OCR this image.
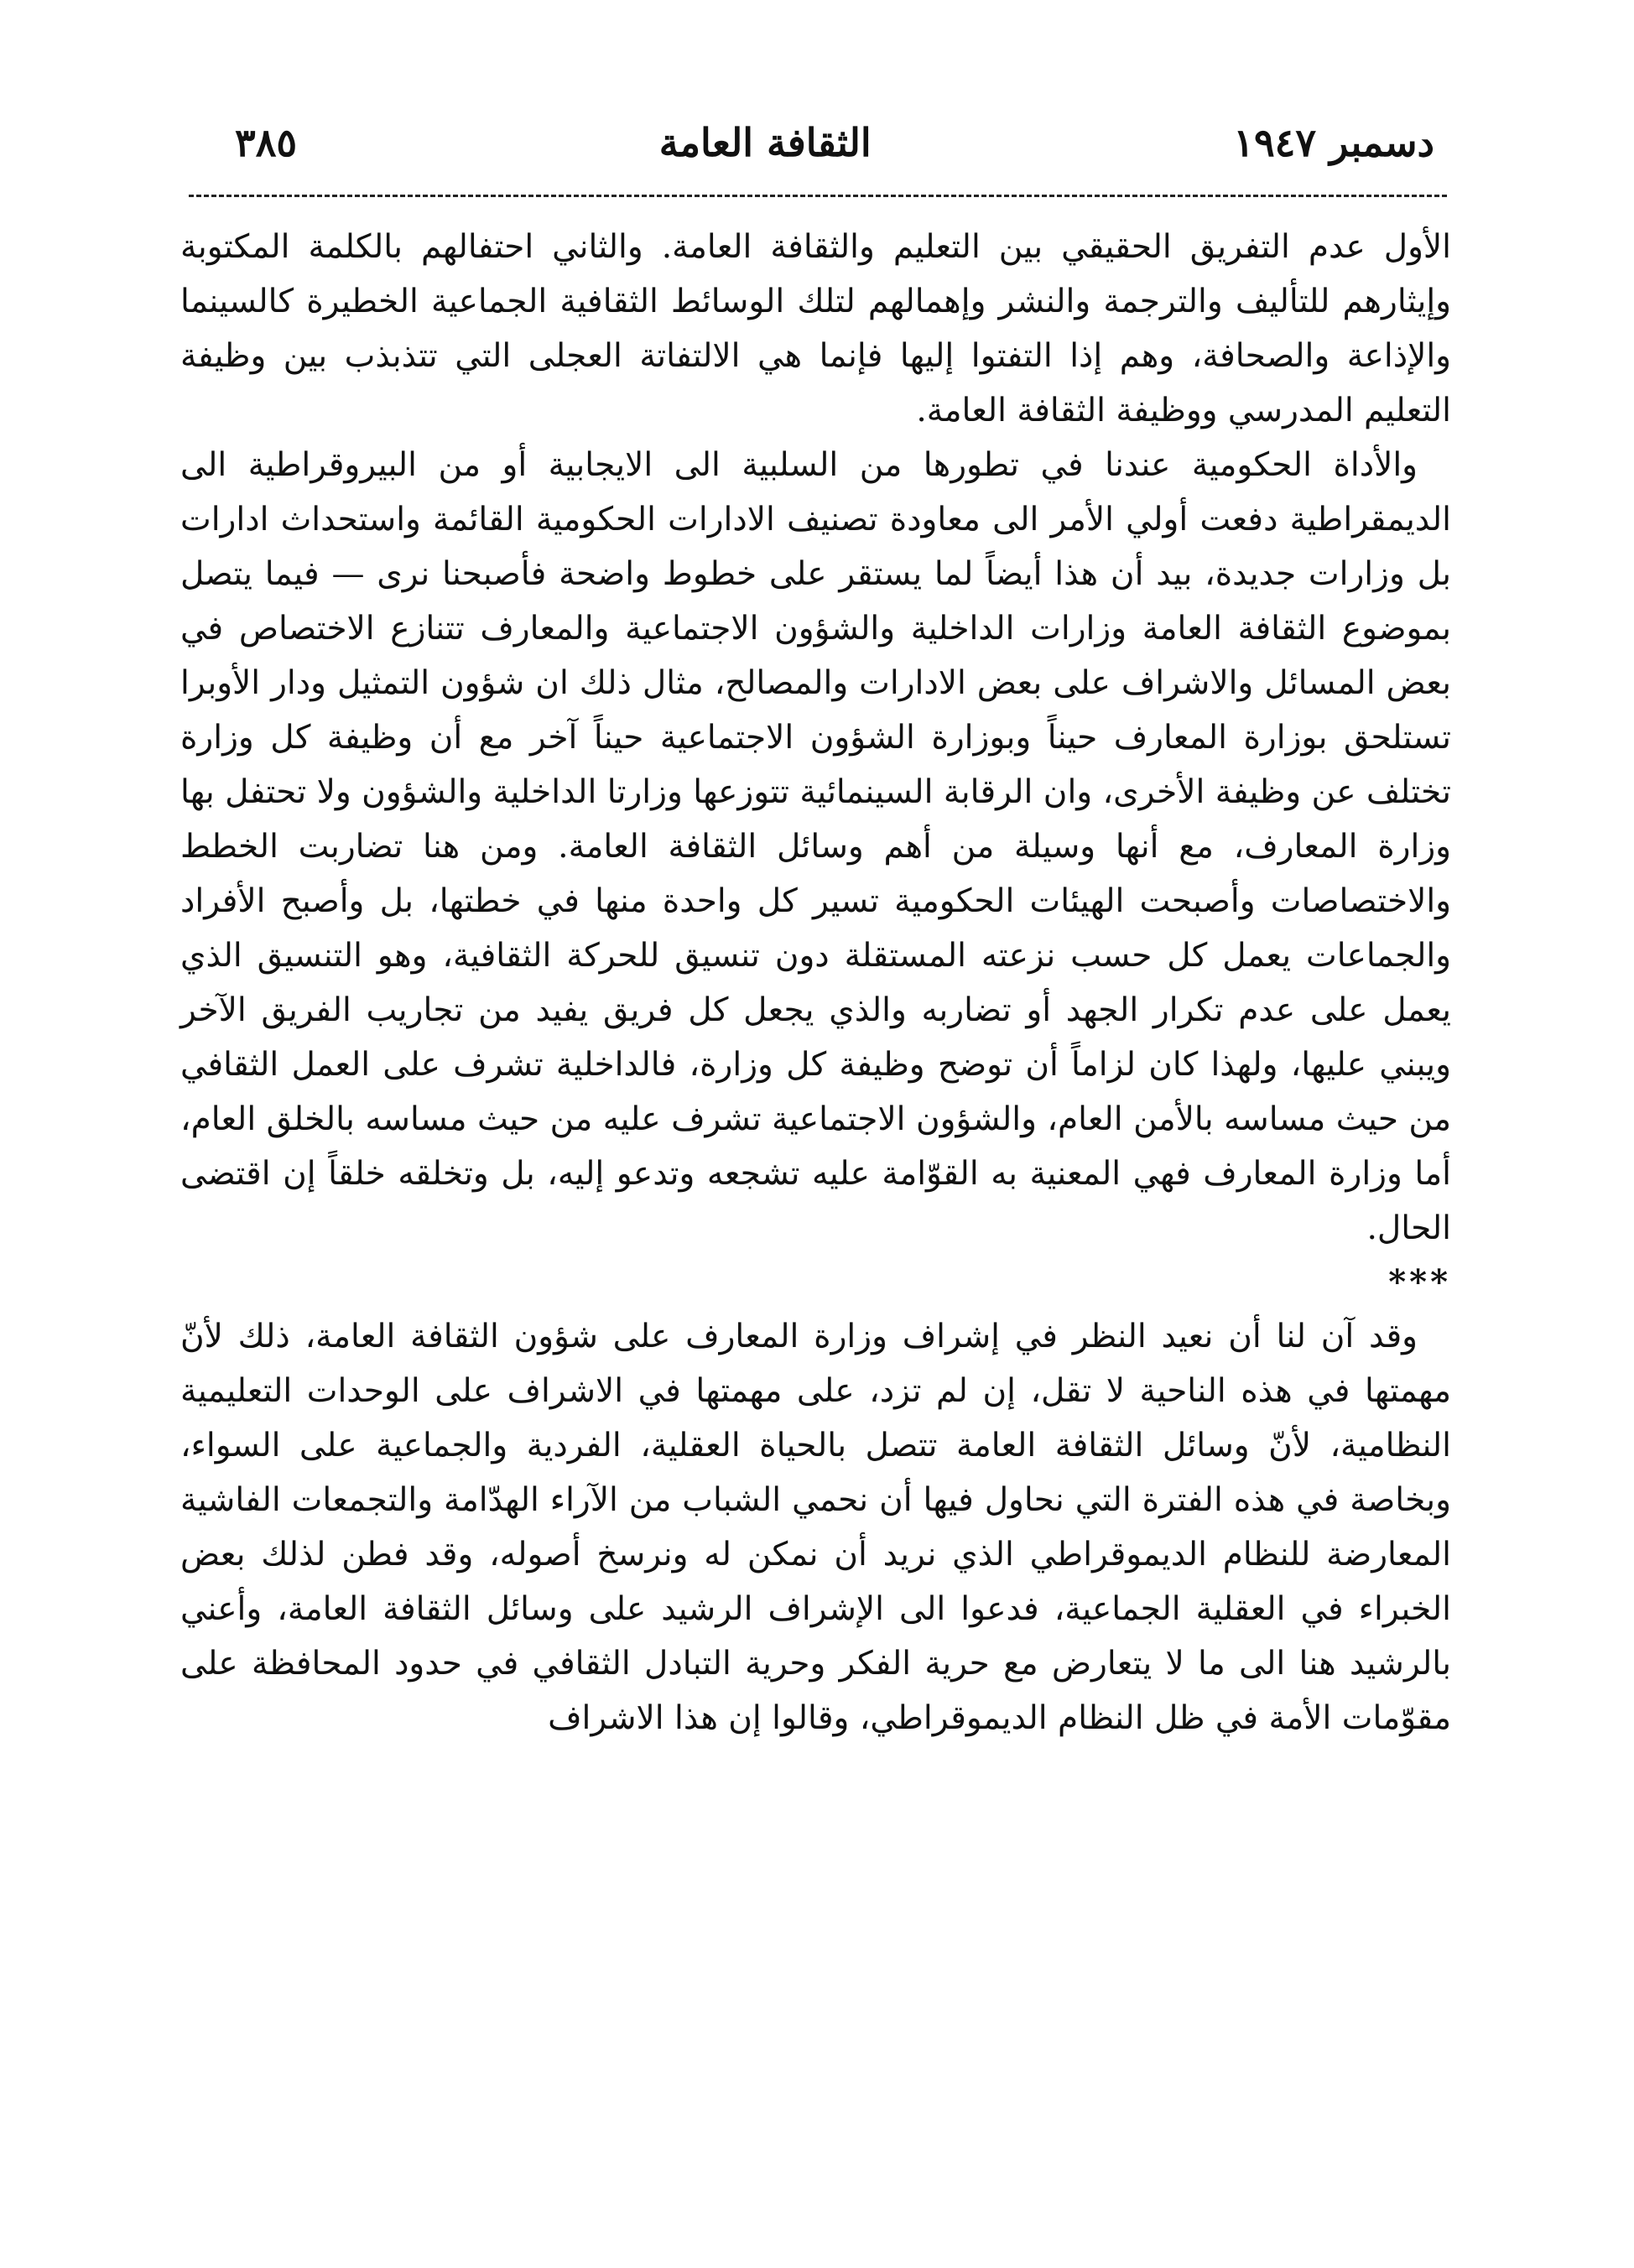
دسمبر ١٩٤٧
الثقافة العامة
٣٨٥

الأول عدم التفريق الحقيقي بين التعليم والثقافة العامة. والثاني احتفالهم بالكلمة المكتوبة وإيثارهم للتأليف والترجمة والنشر وإهمالهم لتلك الوسائط الثقافية الجماعية الخطيرة كالسينما والإذاعة والصحافة، وهم إذا التفتوا إليها فإنما هي الالتفاتة العجلى التي تتذبذب بين وظيفة التعليم المدرسي ووظيفة الثقافة العامة.

والأداة الحكومية عندنا في تطورها من السلبية الى الايجابية أو من البيروقراطية الى الديمقراطية دفعت أولي الأمر الى معاودة تصنيف الادارات الحكومية القائمة واستحداث ادارات بل وزارات جديدة، بيد أن هذا أيضاً لما يستقر على خطوط واضحة فأصبحنا نرى — فيما يتصل بموضوع الثقافة العامة وزارات الداخلية والشؤون الاجتماعية والمعارف تتنازع الاختصاص في بعض المسائل والاشراف على بعض الادارات والمصالح، مثال ذلك ان شؤون التمثيل ودار الأوبرا تستلحق بوزارة المعارف حيناً وبوزارة الشؤون الاجتماعية حيناً آخر مع أن وظيفة كل وزارة تختلف عن وظيفة الأخرى، وان الرقابة السينمائية تتوزعها وزارتا الداخلية والشؤون ولا تحتفل بها وزارة المعارف، مع أنها وسيلة من أهم وسائل الثقافة العامة. ومن هنا تضاربت الخطط والاختصاصات وأصبحت الهيئات الحكومية تسير كل واحدة منها في خطتها، بل وأصبح الأفراد والجماعات يعمل كل حسب نزعته المستقلة دون تنسيق للحركة الثقافية، وهو التنسيق الذي يعمل على عدم تكرار الجهد أو تضاربه والذي يجعل كل فريق يفيد من تجاريب الفريق الآخر ويبني عليها، ولهذا كان لزاماً أن توضح وظيفة كل وزارة، فالداخلية تشرف على العمل الثقافي من حيث مساسه بالأمن العام، والشؤون الاجتماعية تشرف عليه من حيث مساسه بالخلق العام، أما وزارة المعارف فهي المعنية به القوّامة عليه تشجعه وتدعو إليه، بل وتخلقه خلقاً إن اقتضى الحال.

***

وقد آن لنا أن نعيد النظر في إشراف وزارة المعارف على شؤون الثقافة العامة، ذلك لأنّ مهمتها في هذه الناحية لا تقل، إن لم تزد، على مهمتها في الاشراف على الوحدات التعليمية النظامية، لأنّ وسائل الثقافة العامة تتصل بالحياة العقلية، الفردية والجماعية على السواء، وبخاصة في هذه الفترة التي نحاول فيها أن نحمي الشباب من الآراء الهدّامة والتجمعات الفاشية المعارضة للنظام الديموقراطي الذي نريد أن نمكن له ونرسخ أصوله، وقد فطن لذلك بعض الخبراء في العقلية الجماعية، فدعوا الى الإشراف الرشيد على وسائل الثقافة العامة، وأعني بالرشيد هنا الى ما لا يتعارض مع حرية الفكر وحرية التبادل الثقافي في حدود المحافظة على مقوّمات الأمة في ظل النظام الديموقراطي، وقالوا إن هذا الاشراف
